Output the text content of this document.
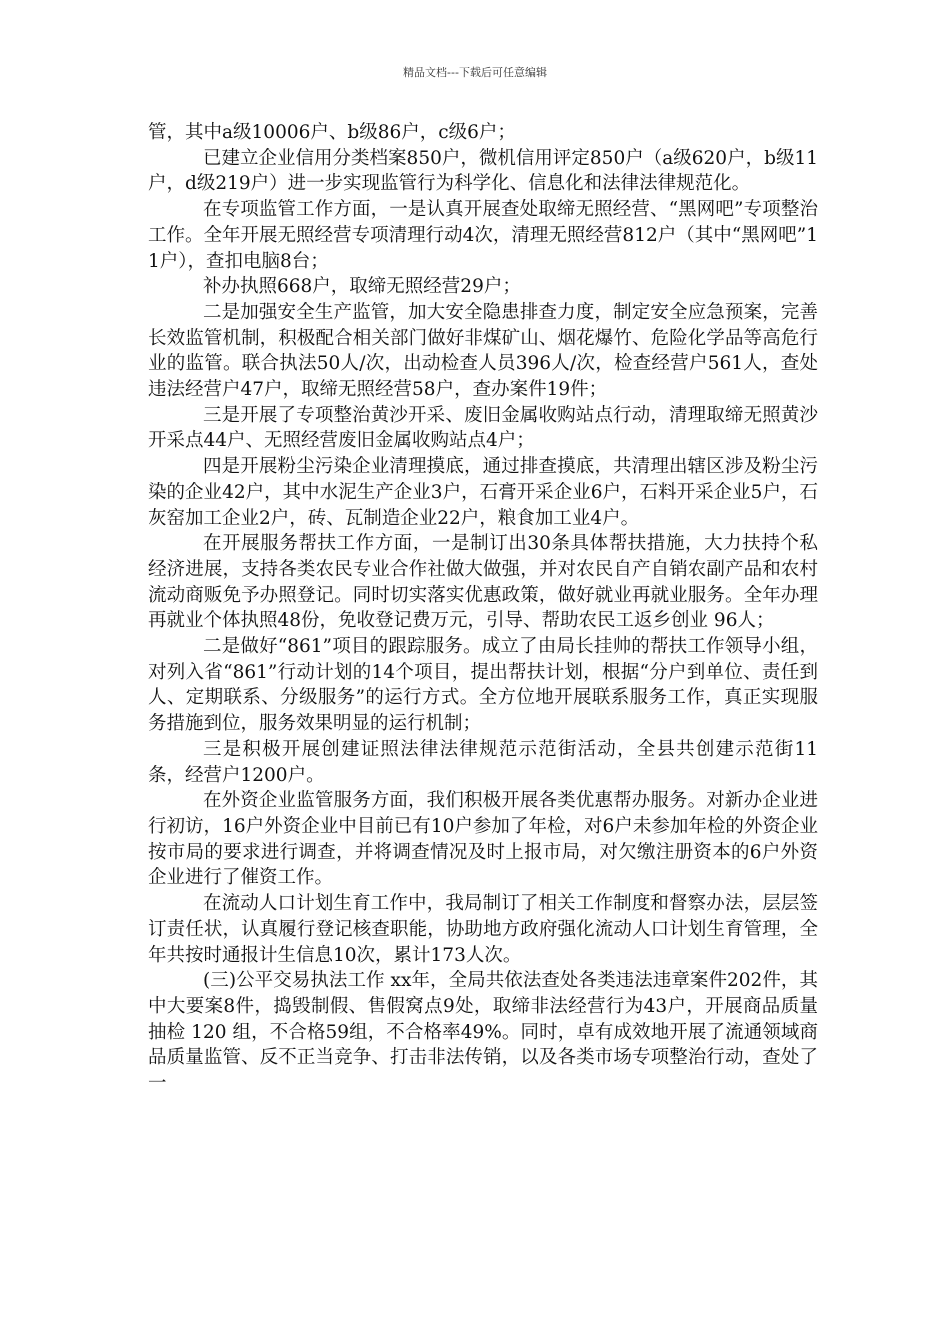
精品文档---下载后可任意编辑

管，其中a级10006户、b级86户，c级6户；

已建立企业信用分类档案850户，微机信用评定850户（a级620户，b级11户，d级219户）进一步实现监管行为科学化、信息化和法律法律规范化。

在专项监管工作方面，一是认真开展查处取缔无照经营、“黑网吧”专项整治工作。全年开展无照经营专项清理行动4次，清理无照经营812户（其中“黑网吧”11户），查扣电脑8台；

补办执照668户，取缔无照经营29户；

二是加强安全生产监管，加大安全隐患排查力度，制定安全应急预案，完善长效监管机制，积极配合相关部门做好非煤矿山、烟花爆竹、危险化学品等高危行业的监管。联合执法50人/次，出动检查人员396人/次，检查经营户561人，查处违法经营户47户，取缔无照经营58户，查办案件19件；

三是开展了专项整治黄沙开采、废旧金属收购站点行动，清理取缔无照黄沙开采点44户、无照经营废旧金属收购站点4户；

四是开展粉尘污染企业清理摸底，通过排查摸底，共清理出辖区涉及粉尘污染的企业42户，其中水泥生产企业3户，石膏开采企业6户，石料开采企业5户，石灰窑加工企业2户，砖、瓦制造企业22户，粮食加工业4户。

在开展服务帮扶工作方面，一是制订出30条具体帮扶措施，大力扶持个私经济进展，支持各类农民专业合作社做大做强，并对农民自产自销农副产品和农村流动商贩免予办照登记。同时切实落实优惠政策，做好就业再就业服务。全年办理再就业个体执照48份，免收登记费万元，引导、帮助农民工返乡创业 96人；

二是做好“861”项目的跟踪服务。成立了由局长挂帅的帮扶工作领导小组，对列入省“861”行动计划的14个项目，提出帮扶计划，根据“分户到单位、责任到人、定期联系、分级服务”的运行方式。全方位地开展联系服务工作，真正实现服务措施到位，服务效果明显的运行机制；

三是积极开展创建证照法律法律规范示范街活动，全县共创建示范街11条，经营户1200户。

在外资企业监管服务方面，我们积极开展各类优惠帮办服务。对新办企业进行初访，16户外资企业中目前已有10户参加了年检，对6户未参加年检的外资企业按市局的要求进行调查，并将调查情况及时上报市局，对欠缴注册资本的6户外资企业进行了催资工作。

在流动人口计划生育工作中，我局制订了相关工作制度和督察办法，层层签订责任状，认真履行登记核查职能，协助地方政府强化流动人口计划生育管理，全年共按时通报计生信息10次，累计173人次。

(三)公平交易执法工作 xx年，全局共依法查处各类违法违章案件202件，其中大要案8件，捣毁制假、售假窝点9处，取缔非法经营行为43户，开展商品质量抽检 120 组，不合格59组，不合格率49%。同时，卓有成效地开展了流通领域商品质量监管、反不正当竞争、打击非法传销，以及各类市场专项整治行动，查处了一
